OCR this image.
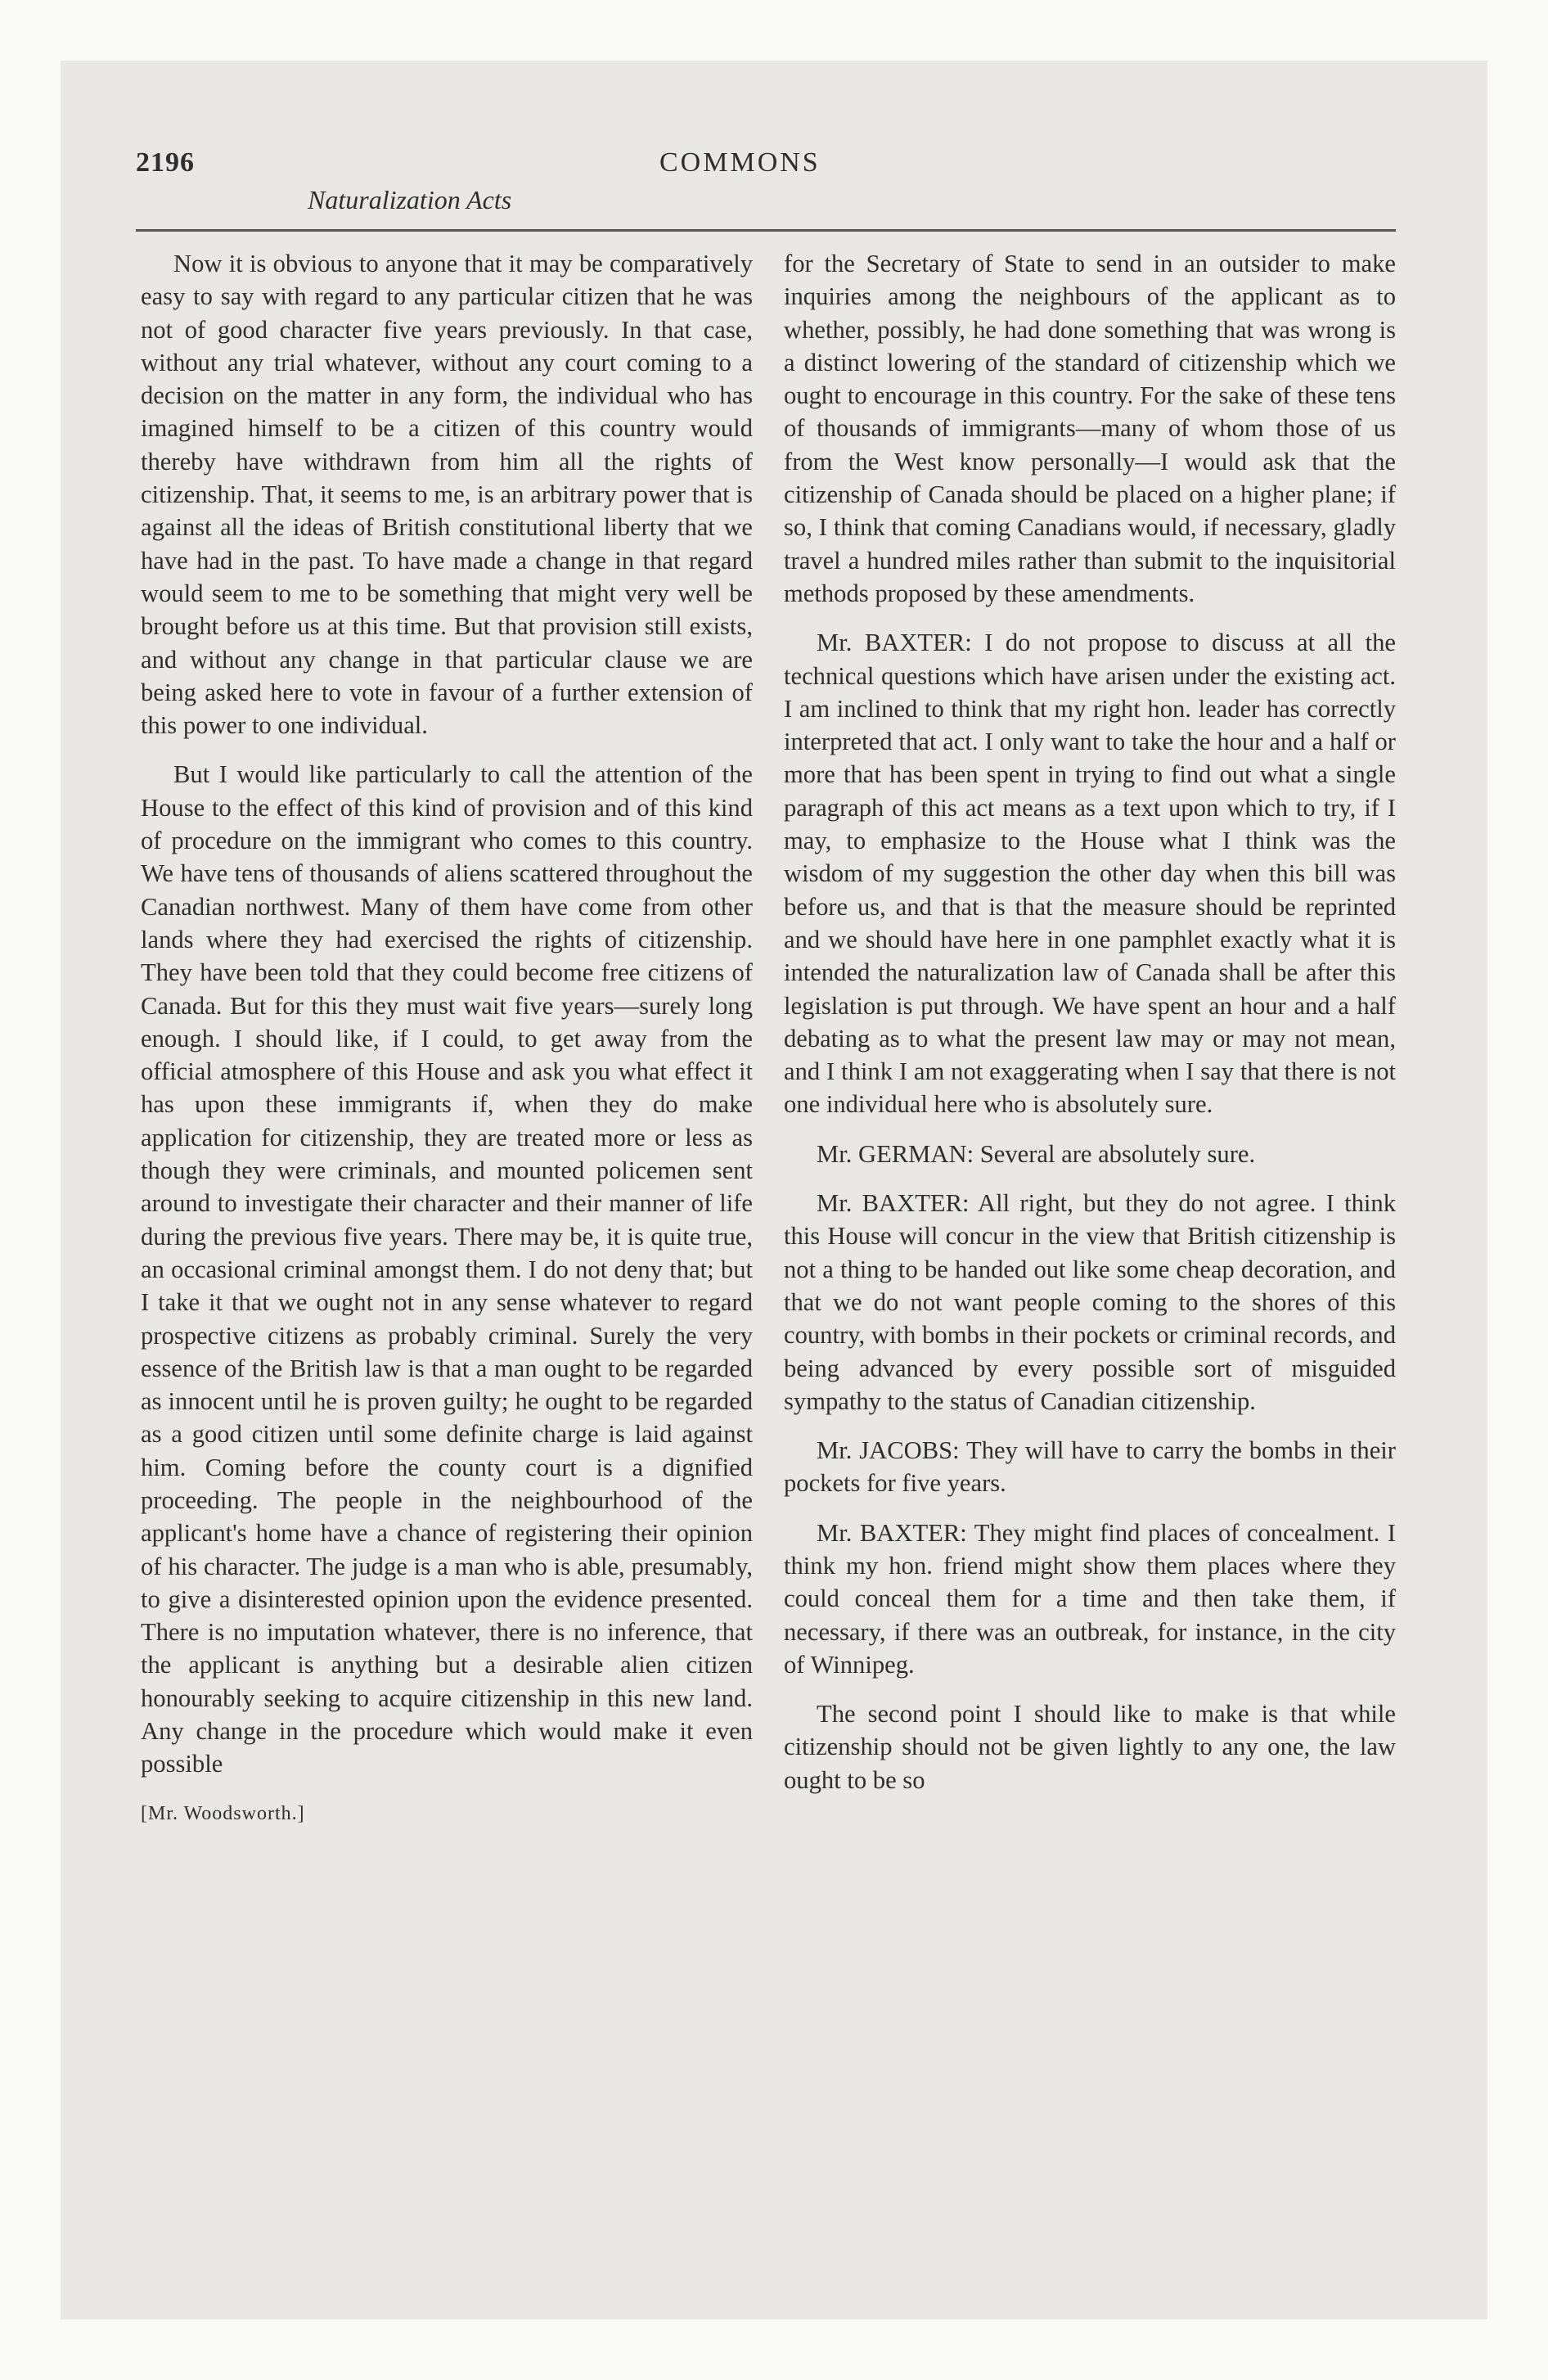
2196	COMMONS
Naturalization Acts

Now it is obvious to anyone that it may be comparatively easy to say with regard to any particular citizen that he was not of good character five years previously. In that case, without any trial whatever, without any court coming to a decision on the matter in any form, the individual who has imagined himself to be a citizen of this country would thereby have withdrawn from him all the rights of citizenship. That, it seems to me, is an arbitrary power that is against all the ideas of British constitutional liberty that we have had in the past. To have made a change in that regard would seem to me to be something that might very well be brought before us at this time. But that provision still exists, and without any change in that particular clause we are being asked here to vote in favour of a further extension of this power to one individual.

But I would like particularly to call the attention of the House to the effect of this kind of provision and of this kind of procedure on the immigrant who comes to this country. We have tens of thousands of aliens scattered throughout the Canadian northwest. Many of them have come from other lands where they had exercised the rights of citizenship. They have been told that they could become free citizens of Canada. But for this they must wait five years—surely long enough. I should like, if I could, to get away from the official atmosphere of this House and ask you what effect it has upon these immigrants if, when they do make application for citizenship, they are treated more or less as though they were criminals, and mounted policemen sent around to investigate their character and their manner of life during the previous five years. There may be, it is quite true, an occasional criminal amongst them. I do not deny that; but I take it that we ought not in any sense whatever to regard prospective citizens as probably criminal. Surely the very essence of the British law is that a man ought to be regarded as innocent until he is proven guilty; he ought to be regarded as a good citizen until some definite charge is laid against him. Coming before the county court is a dignified proceeding. The people in the neighbourhood of the applicant's home have a chance of registering their opinion of his character. The judge is a man who is able, presumably, to give a disinterested opinion upon the evidence presented. There is no imputation whatever, there is no inference, that the applicant is anything but a desirable alien citizen honourably seeking to acquire citizenship in this new land. Any change in the procedure which would make it even possible

[Mr. Woodsworth.]

for the Secretary of State to send in an outsider to make inquiries among the neighbours of the applicant as to whether, possibly, he had done something that was wrong is a distinct lowering of the standard of citizenship which we ought to encourage in this country. For the sake of these tens of thousands of immigrants—many of whom those of us from the West know personally—I would ask that the citizenship of Canada should be placed on a higher plane; if so, I think that coming Canadians would, if necessary, gladly travel a hundred miles rather than submit to the inquisitorial methods proposed by these amendments.

Mr. BAXTER: I do not propose to discuss at all the technical questions which have arisen under the existing act. I am inclined to think that my right hon. leader has correctly interpreted that act. I only want to take the hour and a half or more that has been spent in trying to find out what a single paragraph of this act means as a text upon which to try, if I may, to emphasize to the House what I think was the wisdom of my suggestion the other day when this bill was before us, and that is that the measure should be reprinted and we should have here in one pamphlet exactly what it is intended the naturalization law of Canada shall be after this legislation is put through. We have spent an hour and a half debating as to what the present law may or may not mean, and I think I am not exaggerating when I say that there is not one individual here who is absolutely sure.

Mr. GERMAN: Several are absolutely sure.

Mr. BAXTER: All right, but they do not agree. I think this House will concur in the view that British citizenship is not a thing to be handed out like some cheap decoration, and that we do not want people coming to the shores of this country, with bombs in their pockets or criminal records, and being advanced by every possible sort of misguided sympathy to the status of Canadian citizenship.

Mr. JACOBS: They will have to carry the bombs in their pockets for five years.

Mr. BAXTER: They might find places of concealment. I think my hon. friend might show them places where they could conceal them for a time and then take them, if necessary, if there was an outbreak, for instance, in the city of Winnipeg.

The second point I should like to make is that while citizenship should not be given lightly to any one, the law ought to be so
